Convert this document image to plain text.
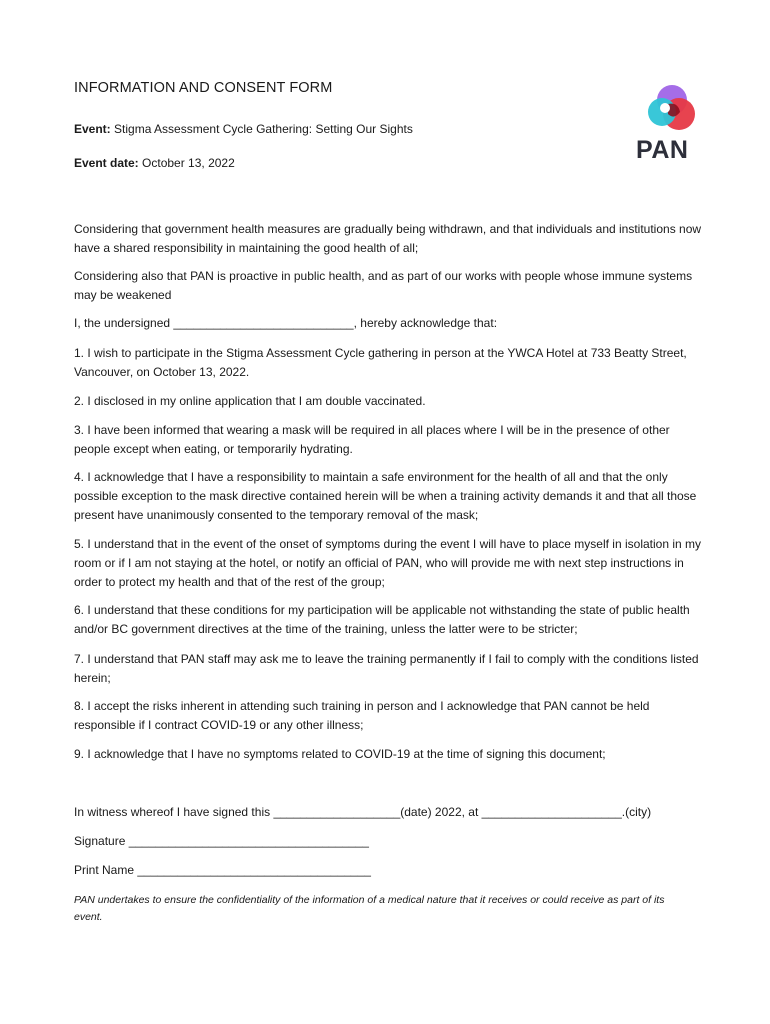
INFORMATION AND CONSENT FORM
Event: Stigma Assessment Cycle Gathering: Setting Our Sights
Event date: October 13, 2022	PAN

Considering that government health measures are gradually being withdrawn, and that individuals and institutions now have a shared responsibility in maintaining the good health of all;

Considering also that PAN is proactive in public health, and as part of our works with people whose immune systems may be weakened

I, the undersigned ___________________________, hereby acknowledge that:

1. I wish to participate in the Stigma Assessment Cycle gathering in person at the YWCA Hotel at 733 Beatty Street, Vancouver, on October 13, 2022.

2. I disclosed in my online application that I am double vaccinated.

3. I have been informed that wearing a mask will be required in all places where I will be in the presence of other people except when eating, or temporarily hydrating.

4. I acknowledge that I have a responsibility to maintain a safe environment for the health of all and that the only possible exception to the mask directive contained herein will be when a training activity demands it and that all those present have unanimously consented to the temporary removal of the mask;

5. I understand that in the event of the onset of symptoms during the event I will have to place myself in isolation in my room or if I am not staying at the hotel, or notify an official of PAN, who will provide me with next step instructions in order to protect my health and that of the rest of the group;

6. I understand that these conditions for my participation will be applicable not withstanding the state of public health and/or BC government directives at the time of the training, unless the latter were to be stricter;

7. I understand that PAN staff may ask me to leave the training permanently if I fail to comply with the conditions listed herein;

8. I accept the risks inherent in attending such training in person and I acknowledge that PAN cannot be held responsible if I contract COVID-19 or any other illness;

9. I acknowledge that I have no symptoms related to COVID-19 at the time of signing this document;

In witness whereof I have signed this ___________________(date) 2022, at _____________________.(city)

Signature ____________________________________

Print Name ___________________________________

PAN undertakes to ensure the confidentiality of the information of a medical nature that it receives or could receive as part of its event.
